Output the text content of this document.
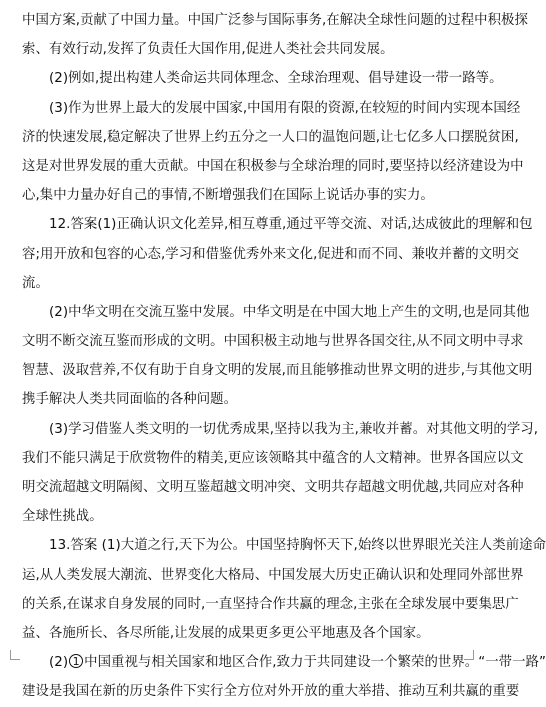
中国方案,贡献了中国力量。中国广泛参与国际事务,在解决全球性问题的过程中积极探
索、有效行动,发挥了负责任大国作用,促进人类社会共同发展。
(2)例如,提出构建人类命运共同体理念、全球治理观、倡导建设一带一路等。
(3)作为世界上最大的发展中国家,中国用有限的资源,在较短的时间内实现本国经
济的快速发展,稳定解决了世界上约五分之一人口的温饱问题,让七亿多人口摆脱贫困,
这是对世界发展的重大贡献。中国在积极参与全球治理的同时,要坚持以经济建设为中
心,集中力量办好自己的事情,不断增强我们在国际上说话办事的实力。
12.答案(1)正确认识文化差异,相互尊重,通过平等交流、对话,达成彼此的理解和包
容;用开放和包容的心态,学习和借鉴优秀外来文化,促进和而不同、兼收并蓄的文明交
流。
(2)中华文明在交流互鉴中发展。中华文明是在中国大地上产生的文明,也是同其他
文明不断交流互鉴而形成的文明。中国积极主动地与世界各国交往,从不同文明中寻求
智慧、汲取营养,不仅有助于自身文明的发展,而且能够推动世界文明的进步,与其他文明
携手解决人类共同面临的各种问题。
(3)学习借鉴人类文明的一切优秀成果,坚持以我为主,兼收并蓄。对其他文明的学习,
我们不能只满足于欣赏物件的精美,更应该领略其中蕴含的人文精神。世界各国应以文
明交流超越文明隔阂、文明互鉴超越文明冲突、文明共存超越文明优越,共同应对各种
全球性挑战。
13.答案 (1)大道之行,天下为公。中国坚持胸怀天下,始终以世界眼光关注人类前途命
运,从人类发展大潮流、世界变化大格局、中国发展大历史正确认识和处理同外部世界
的关系,在谋求自身发展的同时,一直坚持合作共赢的理念,主张在全球发展中要集思广
益、各施所长、各尽所能,让发展的成果更多更公平地惠及各个国家。
(2) 1 中国重视与相关国家和地区合作,致力于共同建设一个繁荣的世界。“一带一路”
建设是我国在新的历史条件下实行全方位对外开放的重大举措、推动互利共赢的重要
